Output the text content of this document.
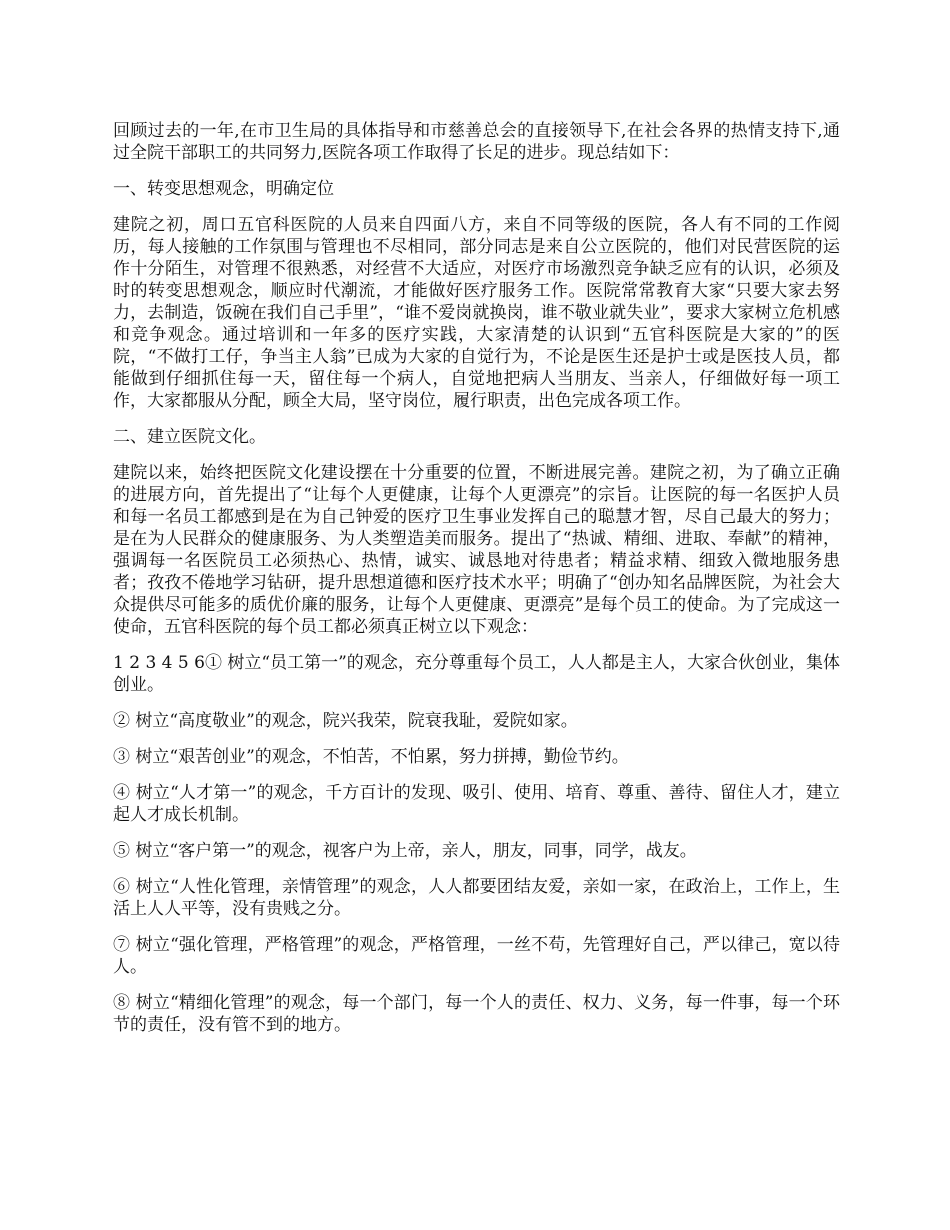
回顾过去的一年,在市卫生局的具体指导和市慈善总会的直接领导下,在社会各界的热情支持下,通过全院干部职工的共同努力,医院各项工作取得了长足的进步。现总结如下：

一、转变思想观念，明确定位

建院之初，周口五官科医院的人员来自四面八方，来自不同等级的医院，各人有不同的工作阅历，每人接触的工作氛围与管理也不尽相同，部分同志是来自公立医院的，他们对民营医院的运作十分陌生，对管理不很熟悉，对经营不大适应，对医疗市场激烈竞争缺乏应有的认识，必须及时的转变思想观念，顺应时代潮流，才能做好医疗服务工作。医院常常教育大家“只要大家去努力，去制造，饭碗在我们自己手里”，“谁不爱岗就换岗，谁不敬业就失业”，要求大家树立危机感和竞争观念。通过培训和一年多的医疗实践，大家清楚的认识到“五官科医院是大家的”的医院，“不做打工仔，争当主人翁”已成为大家的自觉行为，不论是医生还是护士或是医技人员，都能做到仔细抓住每一天，留住每一个病人，自觉地把病人当朋友、当亲人，仔细做好每一项工作，大家都服从分配，顾全大局，坚守岗位，履行职责，出色完成各项工作。

二、建立医院文化。

建院以来，始终把医院文化建设摆在十分重要的位置，不断进展完善。建院之初，为了确立正确的进展方向，首先提出了“让每个人更健康，让每个人更漂亮”的宗旨。让医院的每一名医护人员和每一名员工都感到是在为自己钟爱的医疗卫生事业发挥自己的聪慧才智，尽自己最大的努力；是在为人民群众的健康服务、为人类塑造美而服务。提出了“热诚、精细、进取、奉献”的精神，强调每一名医院员工必须热心、热情，诚实、诚恳地对待患者；精益求精、细致入微地服务患者；孜孜不倦地学习钻研，提升思想道德和医疗技术水平；明确了“创办知名品牌医院，为社会大众提供尽可能多的质优价廉的服务，让每个人更健康、更漂亮”是每个员工的使命。为了完成这一使命，五官科医院的每个员工都必须真正树立以下观念：

1 2 3 4 5 6① 树立“员工第一”的观念，充分尊重每个员工，人人都是主人，大家合伙创业，集体创业。

② 树立“高度敬业”的观念，院兴我荣，院衰我耻，爱院如家。

③ 树立“艰苦创业”的观念，不怕苦，不怕累，努力拼搏，勤俭节约。

④ 树立“人才第一”的观念，千方百计的发现、吸引、使用、培育、尊重、善待、留住人才，建立起人才成长机制。

⑤ 树立“客户第一”的观念，视客户为上帝，亲人，朋友，同事，同学，战友。

⑥ 树立“人性化管理，亲情管理”的观念，人人都要团结友爱，亲如一家，在政治上，工作上，生活上人人平等，没有贵贱之分。

⑦ 树立“强化管理，严格管理”的观念，严格管理，一丝不苟，先管理好自己，严以律己，宽以待人。

⑧ 树立“精细化管理”的观念，每一个部门，每一个人的责任、权力、义务，每一件事，每一个环节的责任，没有管不到的地方。
